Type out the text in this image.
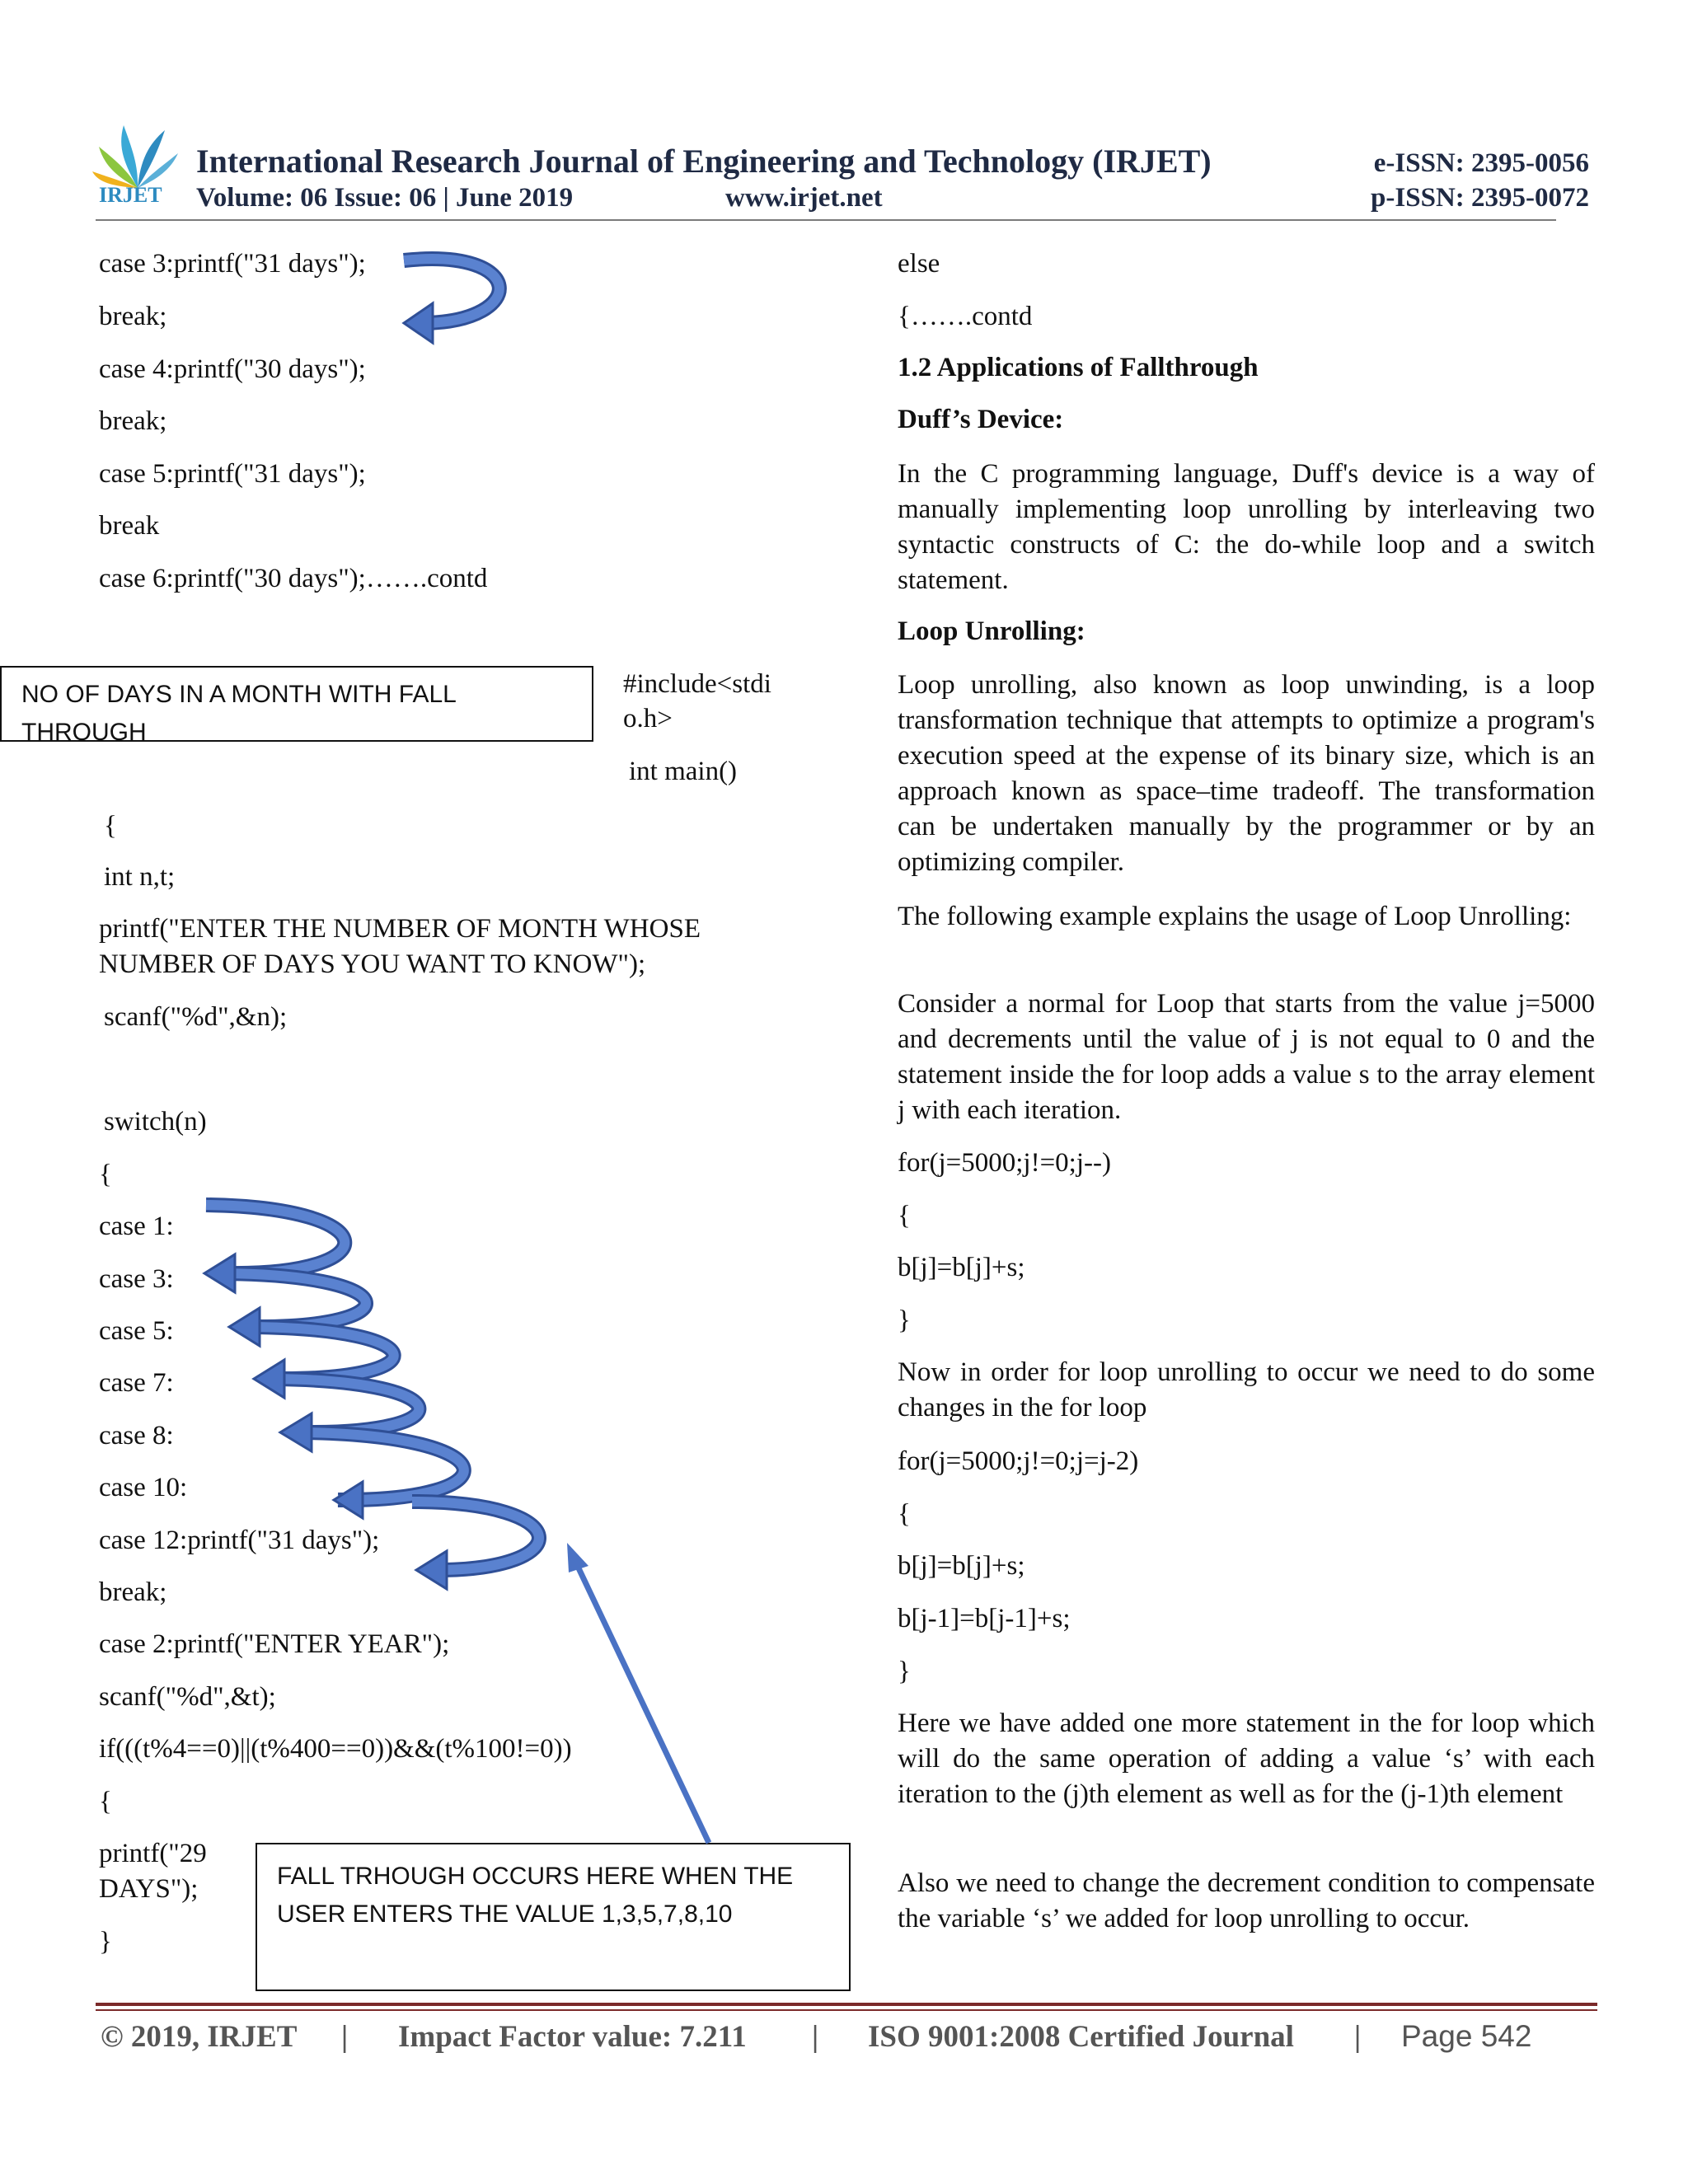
IRJET
International Research Journal of Engineering and Technology (IRJET)
Volume: 06 Issue: 06 | June 2019	www.irjet.net
e-ISSN: 2395-0056
p-ISSN: 2395-0072
case 3:printf("31 days");
break;
case 4:printf("30 days");
break;
case 5:printf("31 days");
break
case 6:printf("30 days");…….contd
NO OF DAYS IN A MONTH WITH FALL THROUGH
#include<stdi
o.h>
int main()
{
int n,t;
printf("ENTER THE NUMBER OF MONTH WHOSE
NUMBER OF DAYS YOU WANT TO KNOW");
scanf("%d",&n);
switch(n)
{
case 1:
case 3:
case 5:
case 7:
case 8:
case 10:
case 12:printf("31 days");
break;
case 2:printf("ENTER YEAR");
scanf("%d",&t);
if(((t%4==0)||(t%400==0))&&(t%100!=0))
{
printf("29
DAYS");
}
FALL TRHOUGH OCCURS HERE WHEN THE USER ENTERS THE VALUE 1,3,5,7,8,10
else
{…….contd
1.2 Applications of Fallthrough
Duff’s Device:
In the C programming language, Duff's device is a way of manually implementing loop unrolling by interleaving two syntactic constructs of C: the do-while loop and a switch statement.
Loop Unrolling:
Loop unrolling, also known as loop unwinding, is a loop transformation technique that attempts to optimize a program's execution speed at the expense of its binary size, which is an approach known as space–time tradeoff. The transformation can be undertaken manually by the programmer or by an optimizing compiler.
The following example explains the usage of Loop Unrolling:
Consider a normal for Loop that starts from the value j=5000 and decrements until the value of j is not equal to 0 and the statement inside the for loop adds a value s to the array element j with each iteration.
for(j=5000;j!=0;j--)
{
b[j]=b[j]+s;
}
Now in order for loop unrolling to occur we need to do some changes in the for loop
for(j=5000;j!=0;j=j-2)
{
b[j]=b[j]+s;
b[j-1]=b[j-1]+s;
}
Here we have added one more statement in the for loop which will do the same operation of adding a value ‘s’ with each iteration to the (j)th element as well as for the (j-1)th element
Also we need to change the decrement condition to compensate the variable ‘s’ we added for loop unrolling to occur.
© 2019, IRJET | Impact Factor value: 7.211 | ISO 9001:2008 Certified Journal | Page 542
